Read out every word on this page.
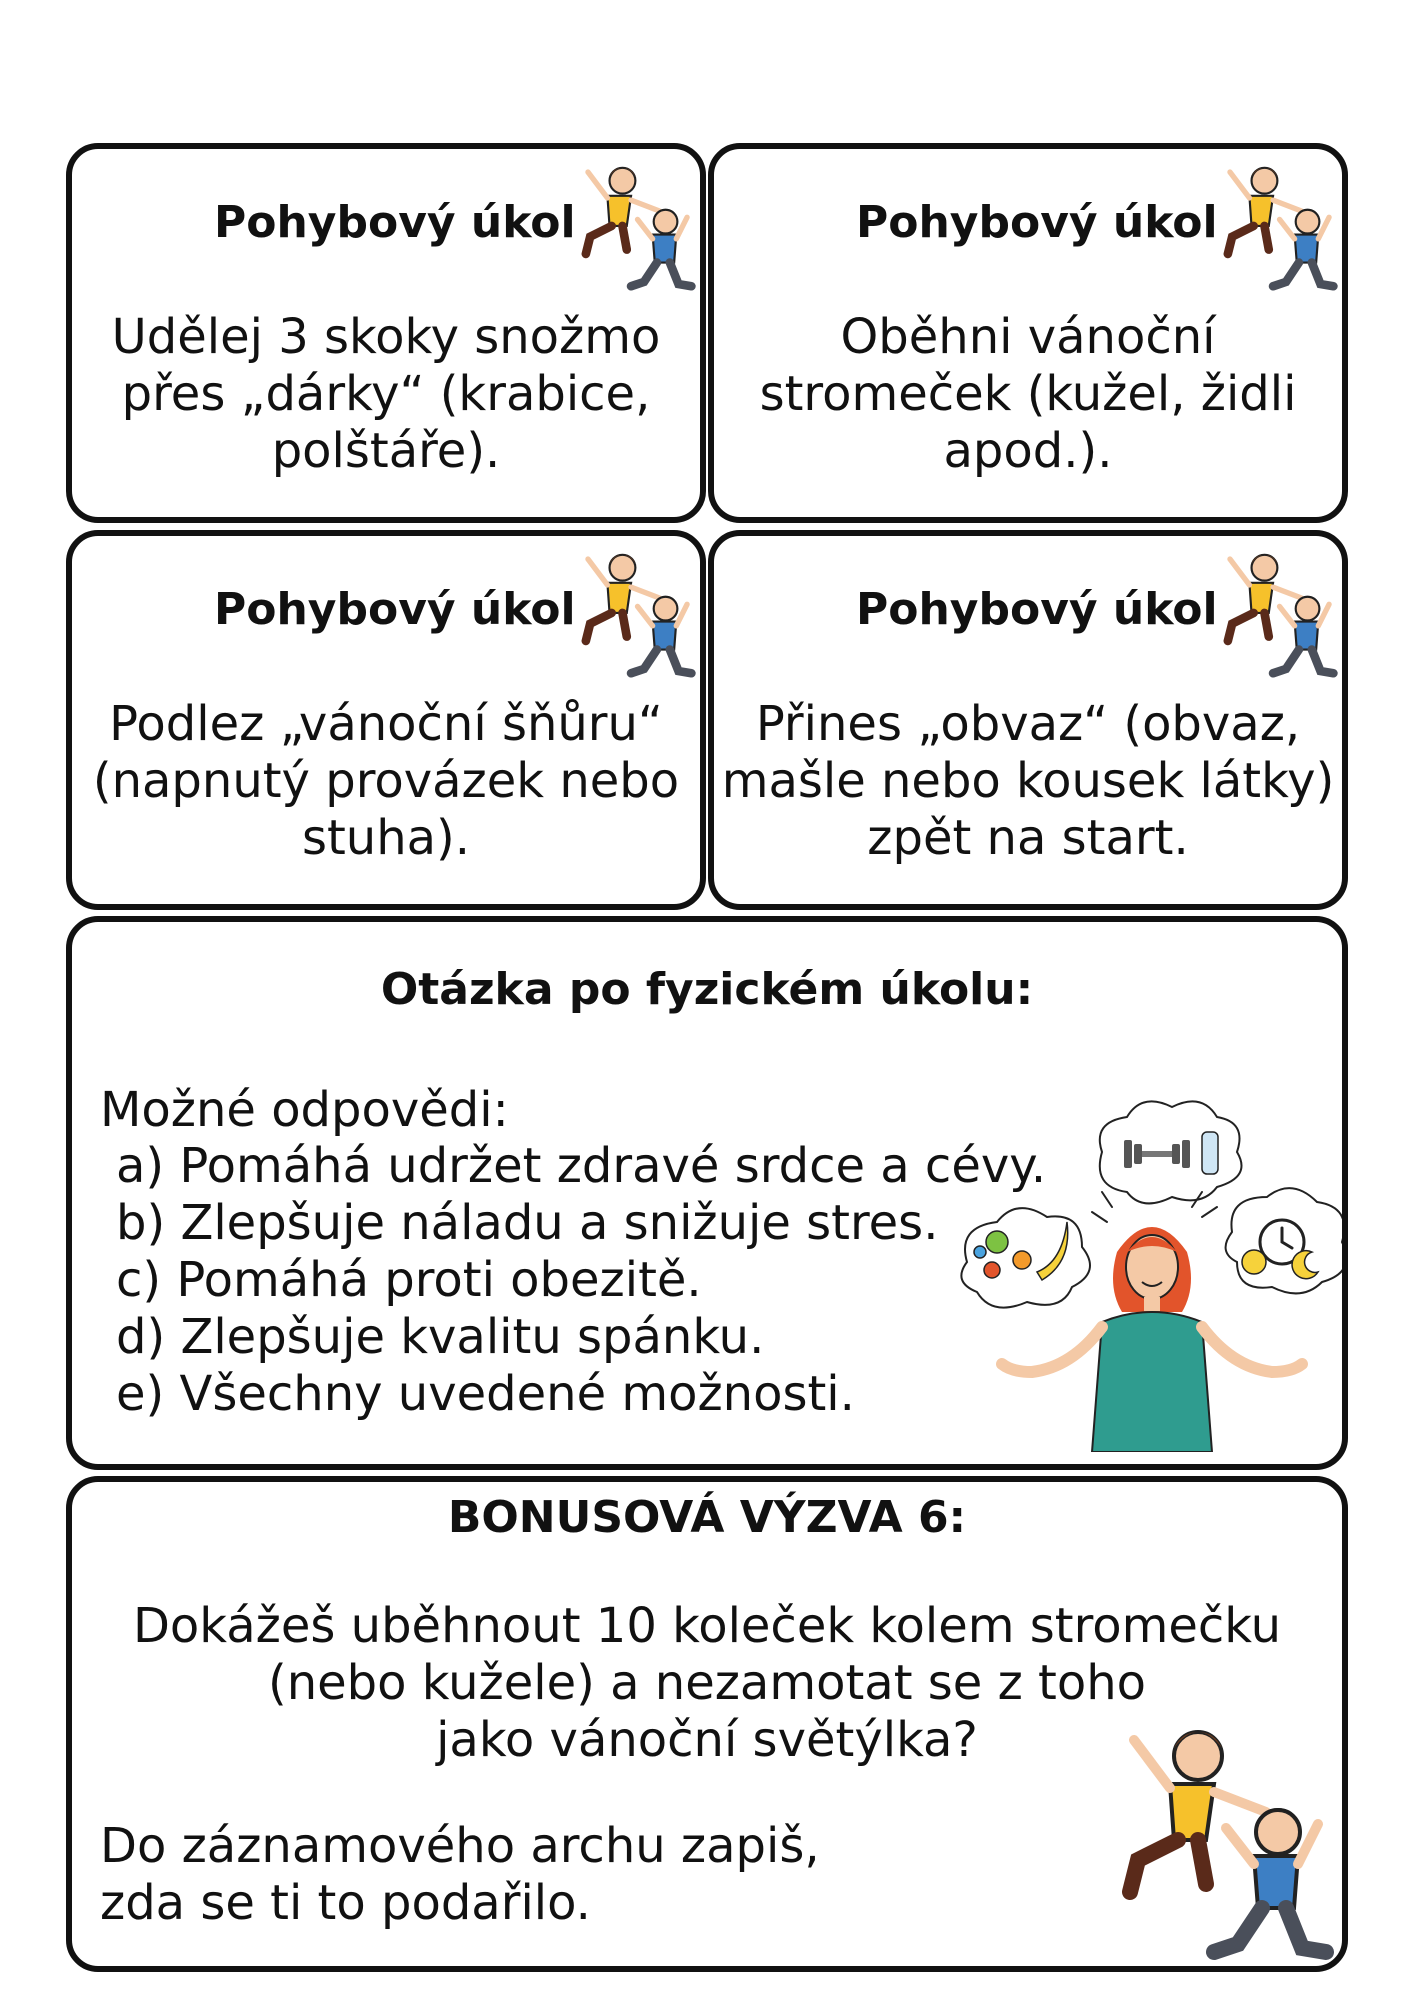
Pohybový úkol
Udělej 3 skoky snožmo
přes „dárky“ (krabice,
polštáře).
Pohybový úkol
Oběhni vánoční
stromeček (kužel, židli
apod.).
Pohybový úkol
Podlez „vánoční šňůru“
(napnutý provázek nebo
stuha).
Pohybový úkol
Přines „obvaz“ (obvaz,
mašle nebo kousek látky)
zpět na start.
Otázka po fyzickém úkolu:
Možné odpovědi:
a) Pomáhá udržet zdravé srdce a cévy.
b) Zlepšuje náladu a snižuje stres.
c) Pomáhá proti obezitě.
d) Zlepšuje kvalitu spánku.
e) Všechny uvedené možnosti.
BONUSOVÁ VÝZVA 6:
Dokážeš uběhnout 10 koleček kolem stromečku
(nebo kužele) a nezamotat se z toho
jako vánoční světýlka?
Do záznamového archu zapiš,
zda se ti to podařilo.
